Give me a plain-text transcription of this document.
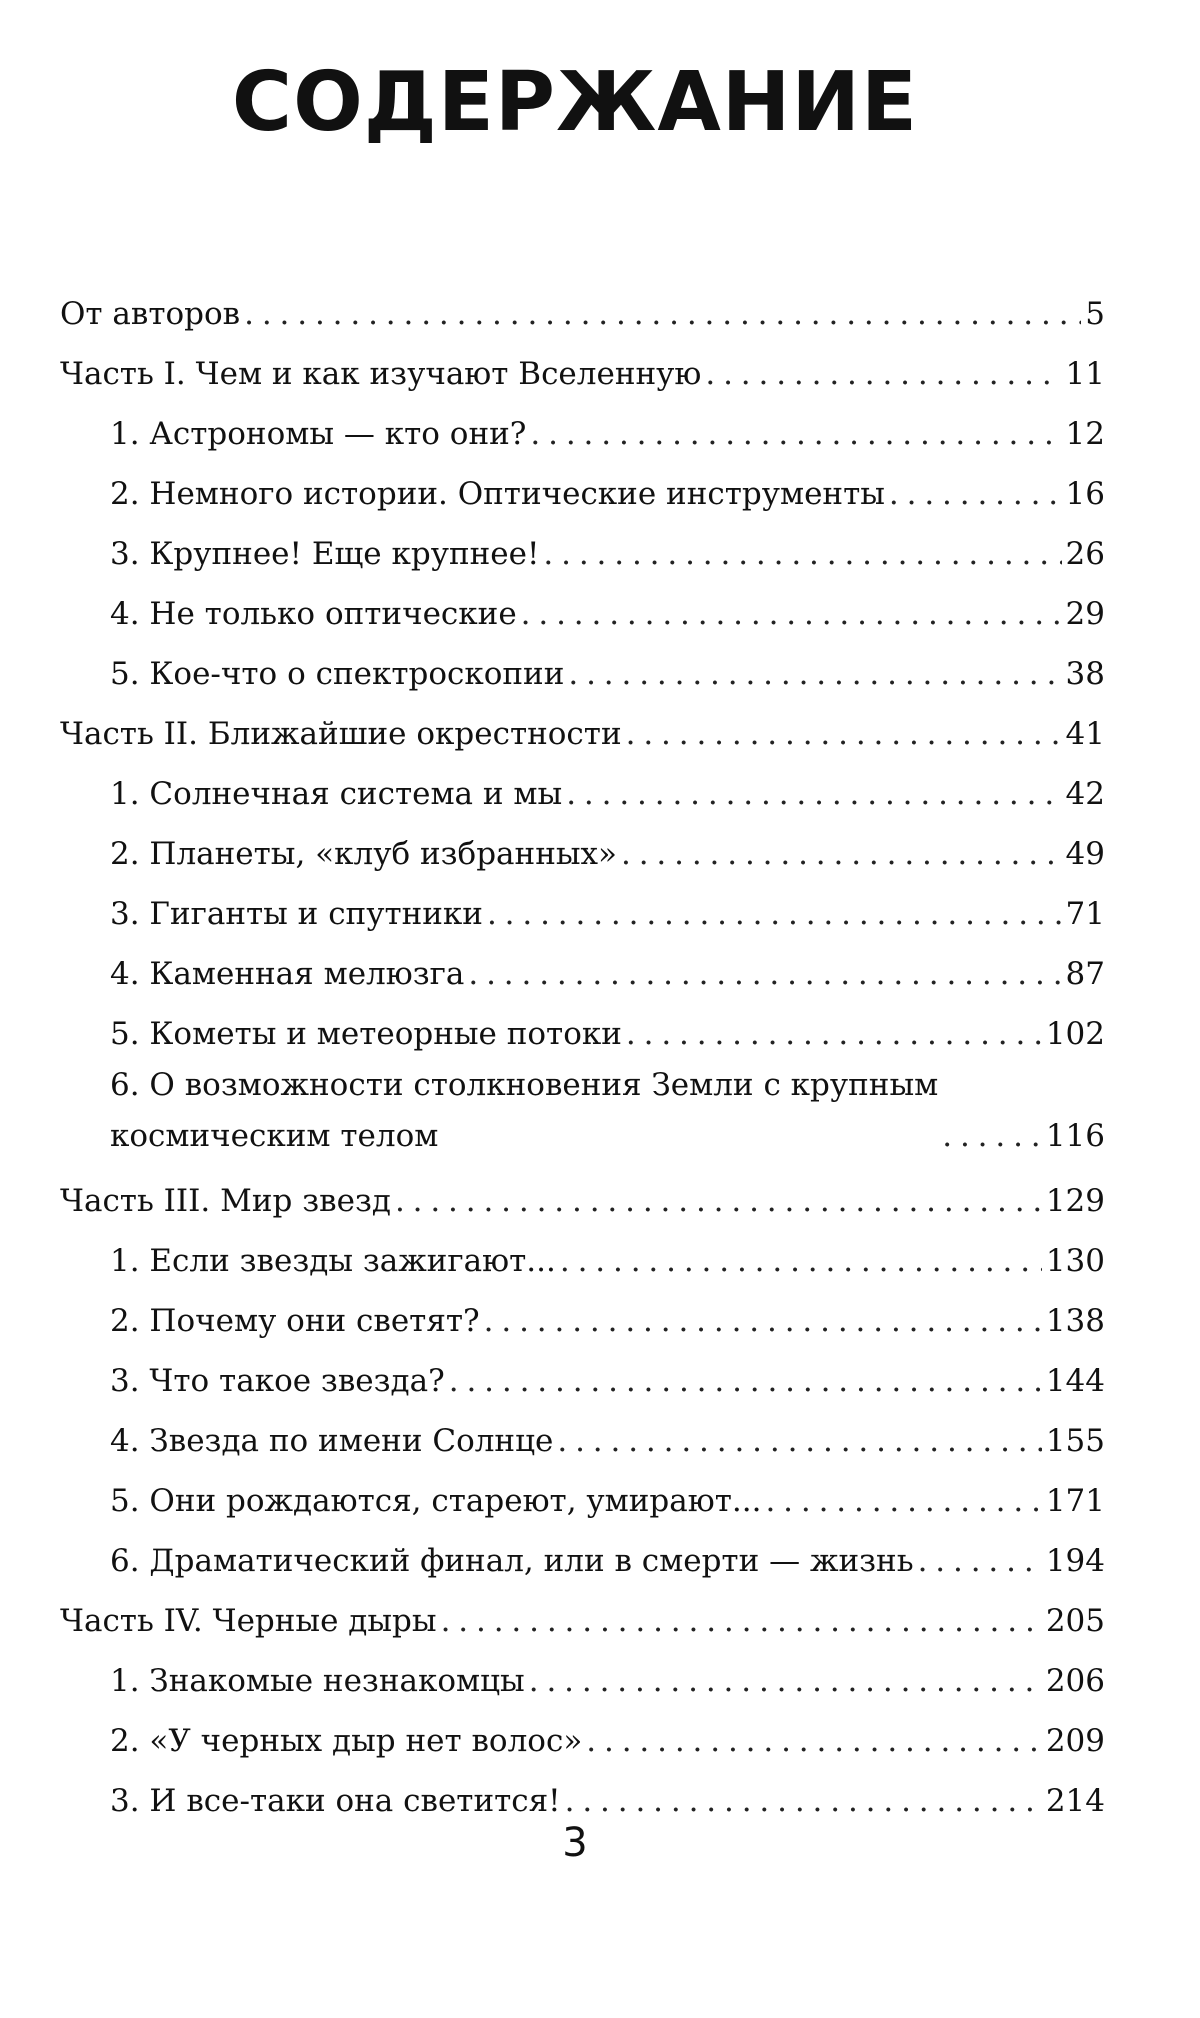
СОДЕРЖАНИЕ
От авторов . . .	5
Часть I. Чем и как изучают Вселенную . . .	11
1. Астрономы — кто они? . . .	12
2. Немного истории. Оптические инструменты . . .	16
3. Крупнее! Еще крупнее! . . .	26
4. Не только оптические . . .	29
5. Кое-что о спектроскопии . . .	38
Часть II. Ближайшие окрестности . . .	41
1. Солнечная система и мы . . .	42
2. Планеты, «клуб избранных» . . .	49
3. Гиганты и спутники . . .	71
4. Каменная мелюзга . . .	87
5. Кометы и метеорные потоки . . .	102
6. О возможности столкновения Земли с крупным
космическим телом . . .	116
Часть III. Мир звезд . . .	129
1. Если звезды зажигают... . . .	130
2. Почему они светят? . . .	138
3. Что такое звезда? . . .	144
4. Звезда по имени Солнце . . .	155
5. Они рождаются, стареют, умирают... . . .	171
6. Драматический финал, или в смерти — жизнь . . .	194
Часть IV. Черные дыры . . .	205
1. Знакомые незнакомцы . . .	206
2. «У черных дыр нет волос» . . .	209
3. И все-таки она светится! . . .	214
3
